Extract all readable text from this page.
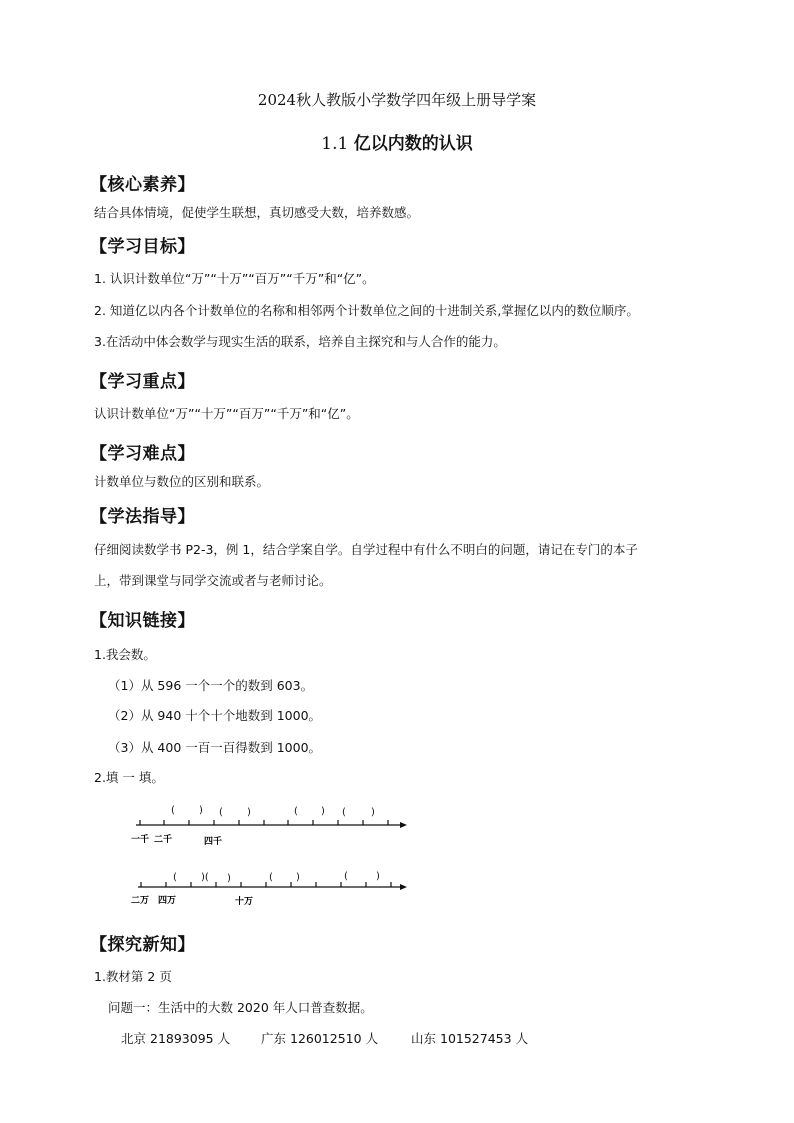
2024秋人教版小学数学四年级上册导学案
1.1 亿以内数的认识
【核心素养】
结合具体情境，促使学生联想，真切感受大数，培养数感。
【学习目标】
1. 认识计数单位“万”“十万”“百万”“千万”和“亿”。
2. 知道亿以内各个计数单位的名称和相邻两个计数单位之间的十进制关系,掌握亿以内的数位顺序。
3.在活动中体会数学与现实生活的联系，培养自主探究和与人合作的能力。
【学习重点】
认识计数单位“万”“十万”“百万”“千万”和“亿”。
【学习难点】
计数单位与数位的区别和联系。
【学法指导】
仔细阅读数学书 P2-3，例 1，结合学案自学。自学过程中有什么不明白的问题，请记在专门的本子
上，带到课堂与同学交流或者与老师讨论。
【知识链接】
1.我会数。
（1）从 596 一个一个的数到 603。
（2）从 940 十个十个地数到 1000。
（3）从 400 一百一百得数到 1000。
2.填 一 填。
( ) ( )	( ) (	)
一千 二千	四千
( )( )	( )	(	)
二万 四万	十万
【探究新知】
1.教材第 2 页
问题一：生活中的大数 2020 年人口普查数据。
北京 21893095 人 广东 126012510 人	山东 101527453 人
